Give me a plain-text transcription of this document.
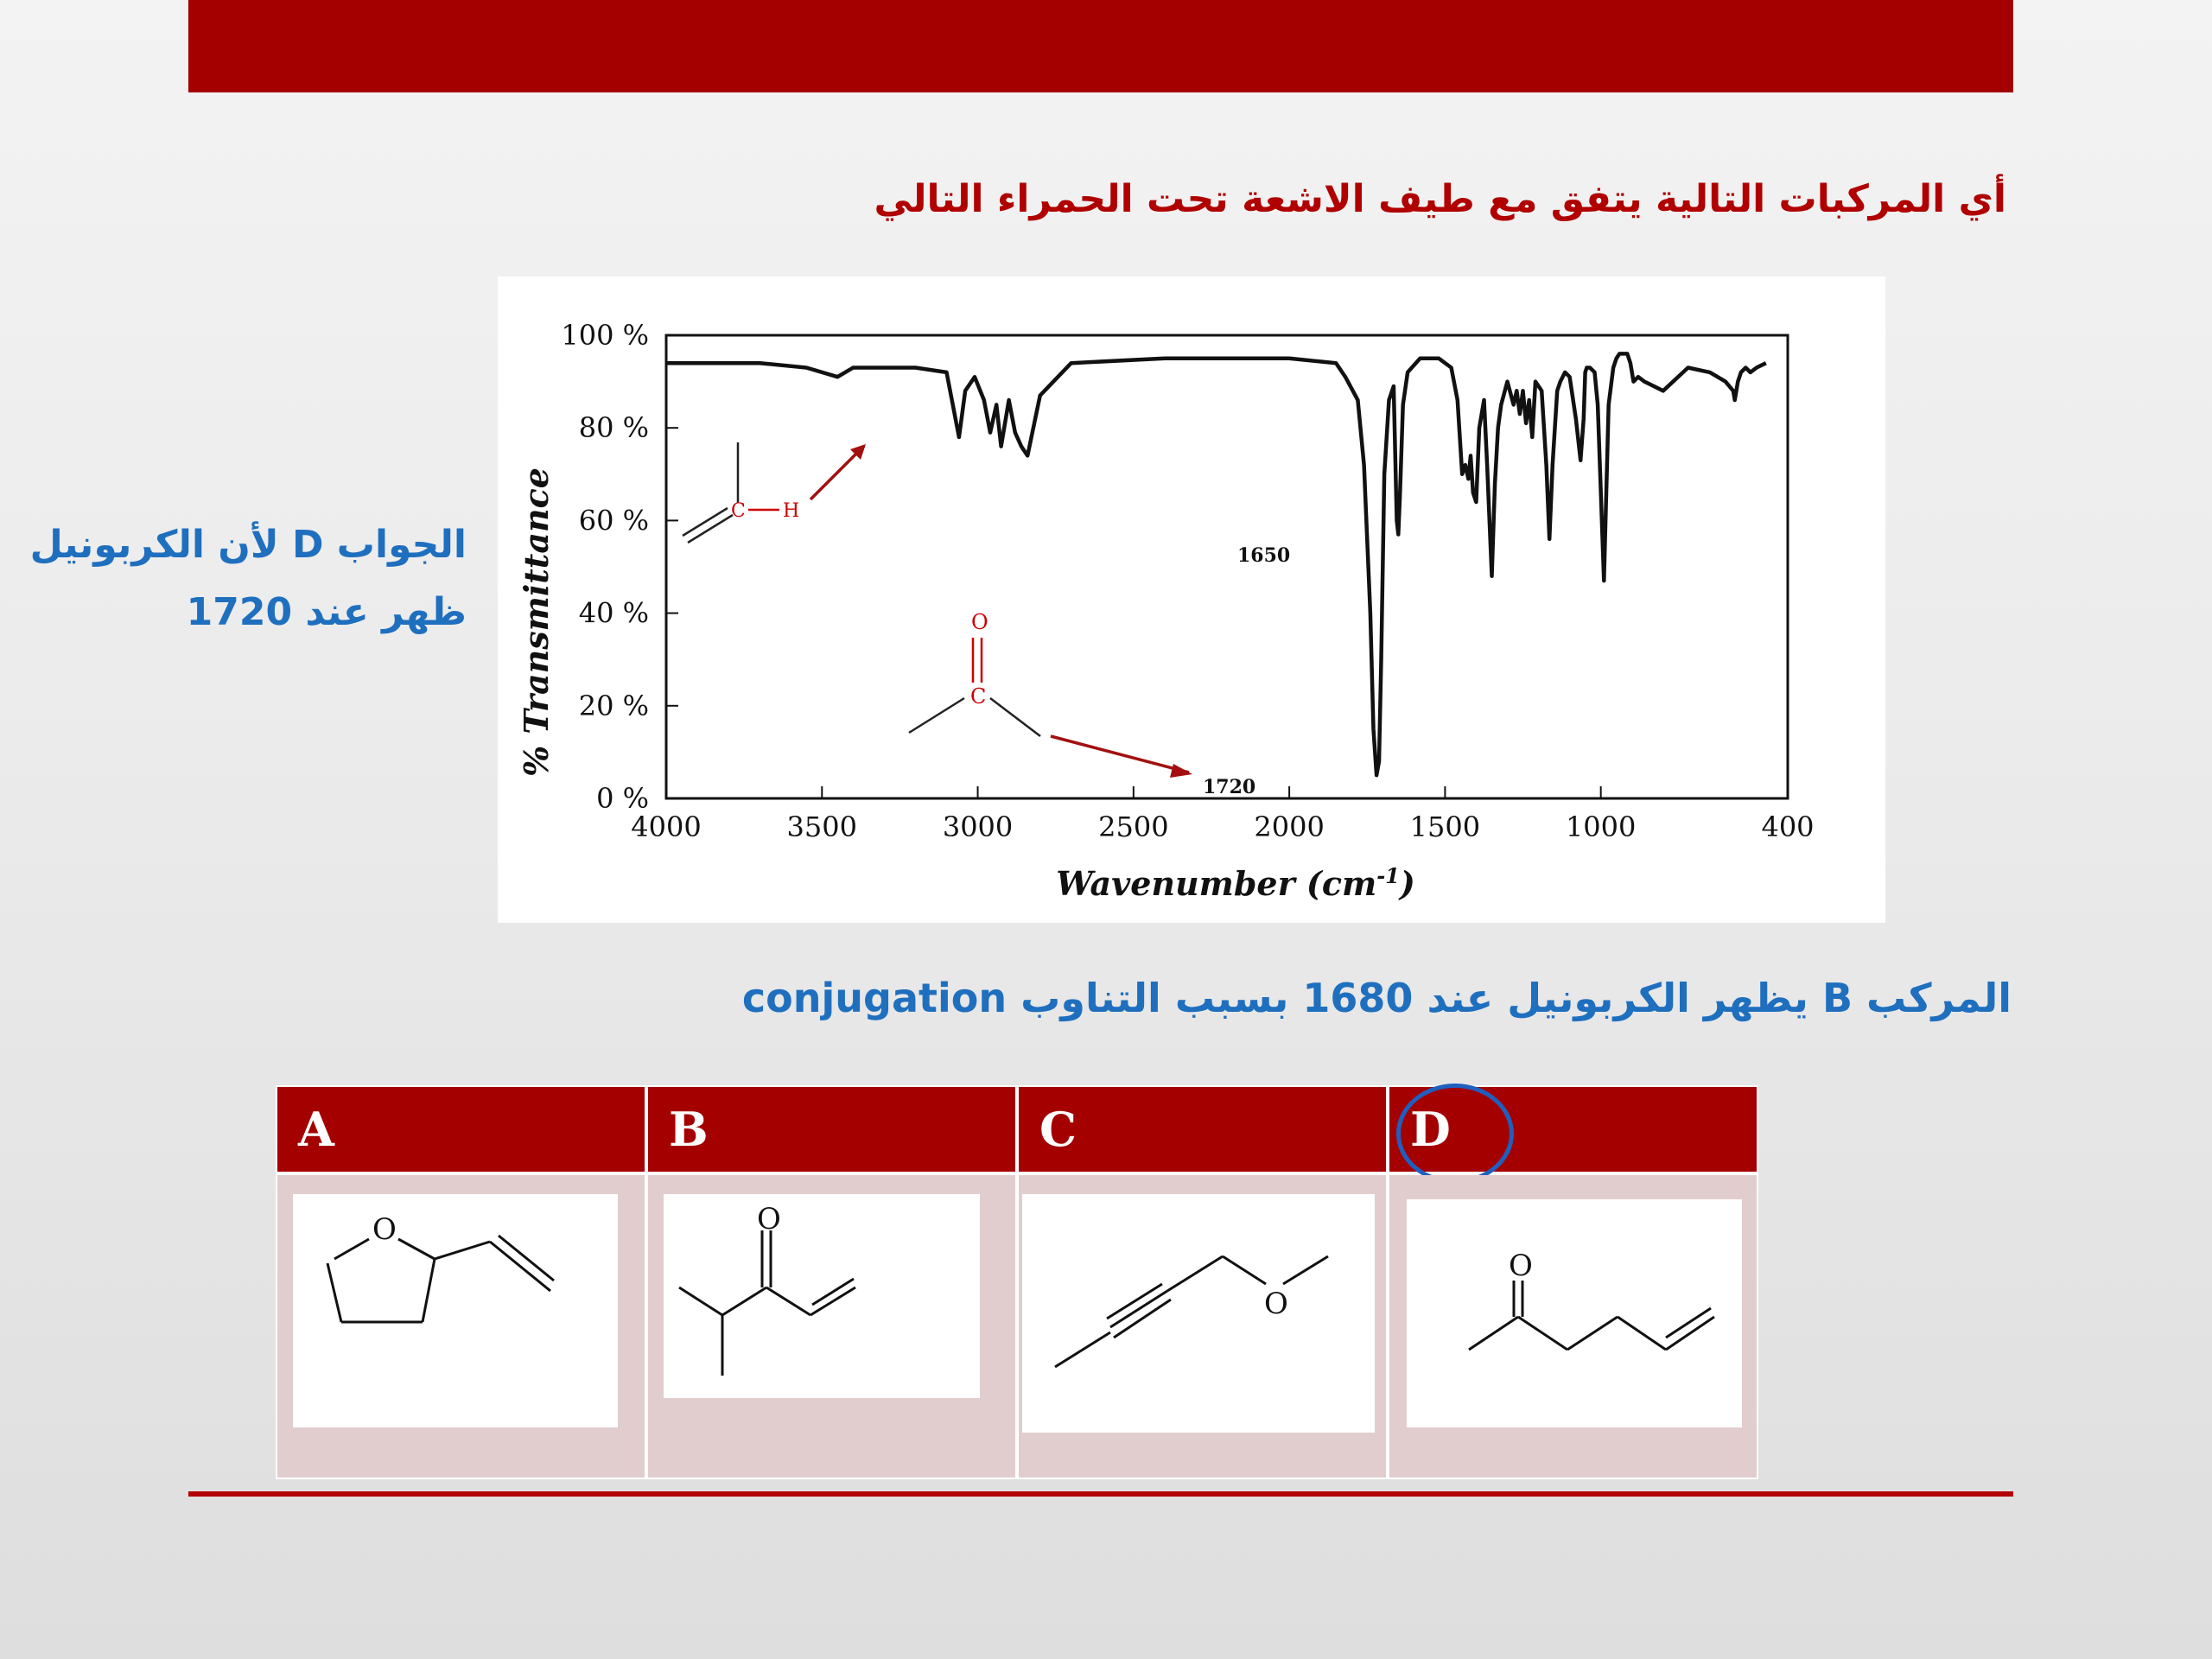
أي المركبات التالية يتفق مع طيف الاشعة تحت الحمراء التالي
الجواب D لأن الكربونيل
ظهر عند 1720 % Transmittance
Wavenumber $(cm^{-1})$
0 %
20 %
40 %
60 %
80 %
100 %
4000	3500	3000	2500	2000	1500	1000	400
1650
1720
C H
O
C
المركب B يظهر الكربونيل عند 1680 بسبب التناوب conjugation
A	B	C	D
O	O
O
O
